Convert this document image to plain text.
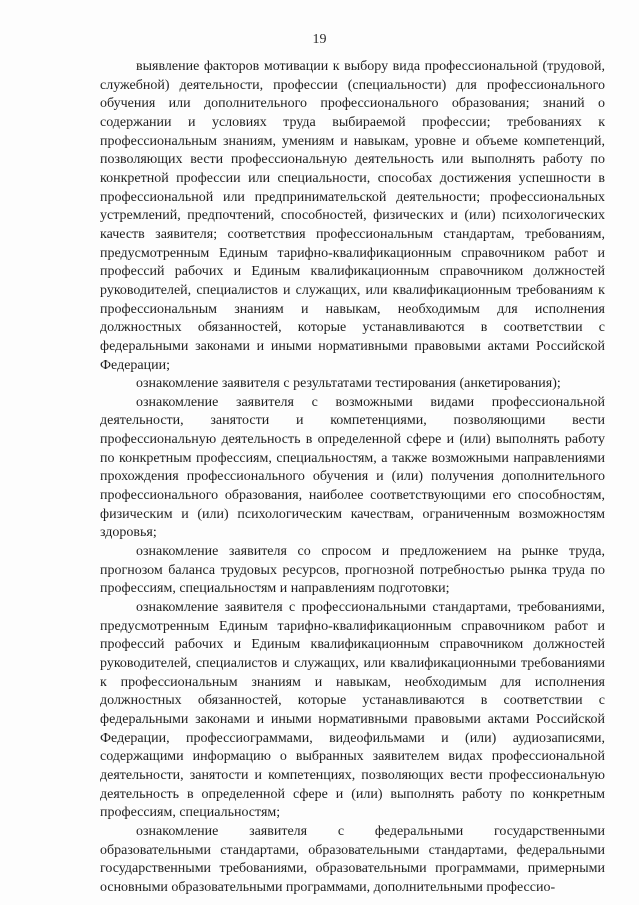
19

выявление факторов мотивации к выбору вида профессиональной (трудовой, служебной) деятельности, профессии (специальности) для профессионального обучения или дополнительного профессионального образования; знаний о содержании и условиях труда выбираемой профессии; требованиях к профессиональным знаниям, умениям и навыкам, уровне и объеме компетенций, позволяющих вести профессиональную деятельность или выполнять работу по конкретной профессии или специальности, способах достижения успешности в профессиональной или предпринимательской деятельности; профессиональных устремлений, предпочтений, способностей, физических и (или) психологических качеств заявителя; соответствия профессиональным стандартам, требованиям, предусмотренным Единым тарифно-квалификационным справочником работ и профессий рабочих и Единым квалификационным справочником должностей руководителей, специалистов и служащих, или квалификационным требованиям к профессиональным знаниям и навыкам, необходимым для исполнения должностных обязанностей, которые устанавливаются в соответствии с федеральными законами и иными нормативными правовыми актами Российской Федерации;

ознакомление заявителя с результатами тестирования (анкетирования);

ознакомление заявителя с возможными видами профессиональной деятельности, занятости и компетенциями, позволяющими вести профессиональную деятельность в определенной сфере и (или) выполнять работу по конкретным профессиям, специальностям, а также возможными направлениями прохождения профессионального обучения и (или) получения дополнительного профессионального образования, наиболее соответствующими его способностям, физическим и (или) психологическим качествам, ограниченным возможностям здоровья;

ознакомление заявителя со спросом и предложением на рынке труда, прогнозом баланса трудовых ресурсов, прогнозной потребностью рынка труда по профессиям, специальностям и направлениям подготовки;

ознакомление заявителя с профессиональными стандартами, требованиями, предусмотренным Единым тарифно-квалификационным справочником работ и профессий рабочих и Единым квалификационным справочником должностей руководителей, специалистов и служащих, или квалификационными требованиями к профессиональным знаниям и навыкам, необходимым для исполнения должностных обязанностей, которые устанавливаются в соответствии с федеральными законами и иными нормативными правовыми актами Российской Федерации, профессиограммами, видеофильмами и (или) аудиозаписями, содержащими информацию о выбранных заявителем видах профессиональной деятельности, занятости и компетенциях, позволяющих вести профессиональную деятельность в определенной сфере и (или) выполнять работу по конкретным профессиям, специальностям;

ознакомление заявителя с федеральными государственными образовательными стандартами, образовательными стандартами, федеральными государственными требованиями, образовательными программами, примерными основными образовательными программами, дополнительными профессио-
